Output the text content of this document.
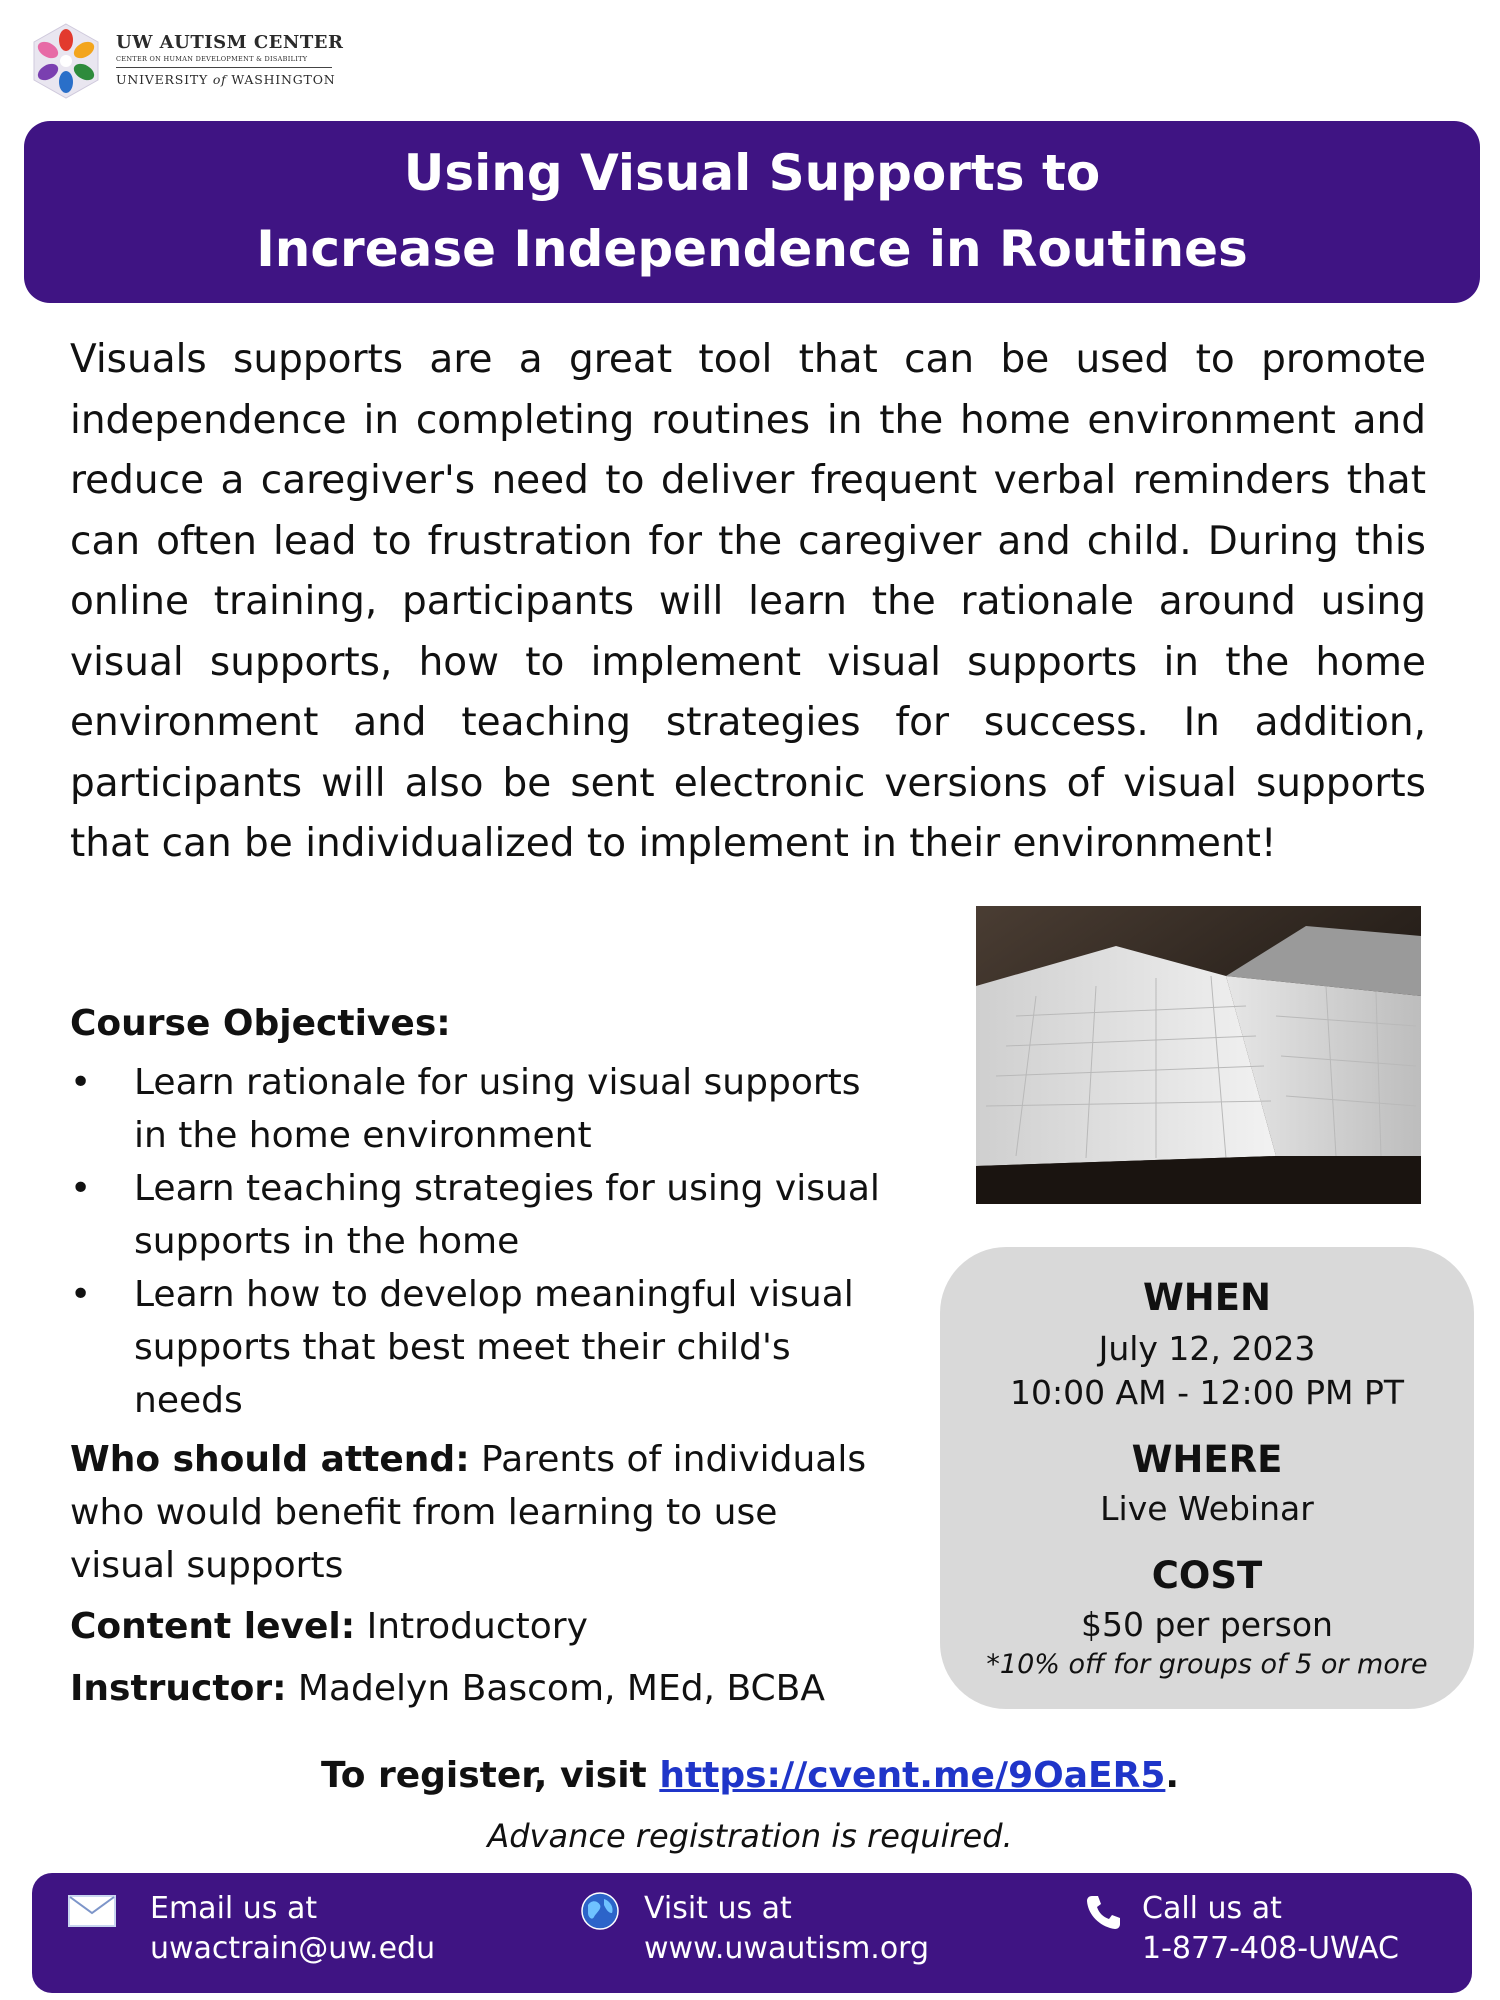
UW AUTISM CENTER
CENTER ON HUMAN DEVELOPMENT & DISABILITY
UNIVERSITY of WASHINGTON
Using Visual Supports to
Increase Independence in Routines
Visuals supports are a great tool that can be used to promote independence in completing routines in the home environment and reduce a caregiver's need to deliver frequent verbal reminders that can often lead to frustration for the caregiver and child. During this online training, participants will learn the rationale around using visual supports, how to implement visual supports in the home environment and teaching strategies for success. In addition, participants will also be sent electronic versions of visual supports that can be individualized to implement in their environment!
Course Objectives:
• Learn rationale for using visual supports in the home environment
• Learn teaching strategies for using visual supports in the home
• Learn how to develop meaningful visual supports that best meet their child's needs
Who should attend: Parents of individuals who would benefit from learning to use visual supports
Content level: Introductory
Instructor: Madelyn Bascom, MEd, BCBA
WHEN
July 12, 2023
10:00 AM - 12:00 PM PT
WHERE
Live Webinar
COST
$50 per person
*10% off for groups of 5 or more
To register, visit https://cvent.me/9OaER5.
Advance registration is required.
Email us at
uwactrain@uw.edu
Visit us at
www.uwautism.org
Call us at
1-877-408-UWAC
